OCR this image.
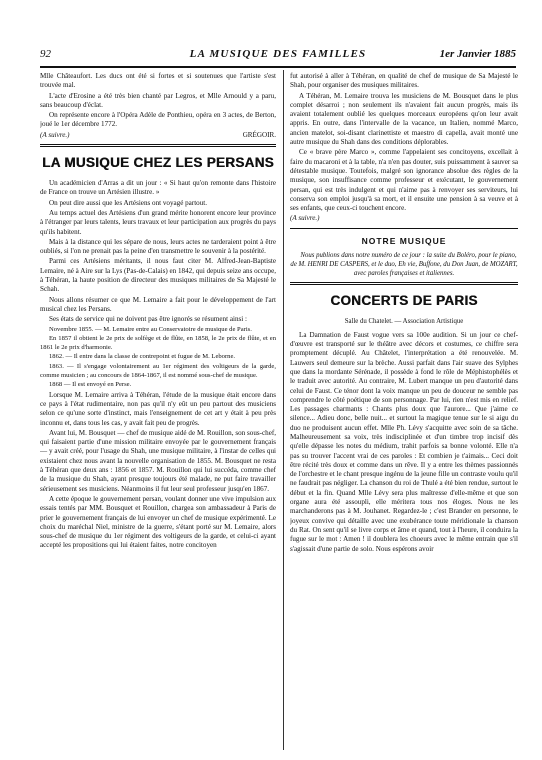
92	LA MUSIQUE DES FAMILLES	1er Janvier 1885

Mlle Châteaufort. Les ducs ont été si fortes et si soutenues que l'artiste s'est trouvée mal.

L'acte d'Erosine a été très bien chanté par Legros, et Mlle Arnould y a paru, sans beaucoup d'éclat.

On représente encore à l'Opéra Adèle de Ponthieu, opéra en 3 actes, de Berton, joué le 1er décembre 1772.

(A suivre.)	GRÉGOIR.
LA MUSIQUE CHEZ LES PERSANS

Un académicien d'Arras a dit un jour : « Si haut qu'on remonte dans l'histoire de France on trouve un Artésien illustre. »

On peut dire aussi que les Artésiens ont voyagé partout.

Au temps actuel des Artésiens d'un grand mérite honorent encore leur province à l'étranger par leurs talents, leurs travaux et leur participation aux progrès du pays qu'ils habitent.

Mais à la distance qui les sépare de nous, leurs actes ne tarderaient point à être oubliés, si l'on ne prenait pas la peine d'en transmettre le souvenir à la postérité.

Parmi ces Artésiens méritants, il nous faut citer M. Alfred-Jean-Baptiste Lemaire, né à Aire sur la Lys (Pas-de-Calais) en 1842, qui depuis seize ans occupe, à Téhéran, la haute position de directeur des musiques militaires de Sa Majesté le Schah.

Nous allons résumer ce que M. Lemaire a fait pour le développement de l'art musical chez les Persans.

Ses états de service qui ne doivent pas être ignorés se résument ainsi :

Novembre 1855. — M. Lemaire entre au Conservatoire de musique de Paris.

En 1857 il obtient le 2e prix de solfège et de flûte, en 1858, le 2e prix de flûte, et en 1861 le 2e prix d'harmonie.

1862. — Il entre dans la classe de contrepoint et fugue de M. Leborne.

1863. — Il s'engage volontairement au 1er régiment des voltigeurs de la garde, comme musicien ; au concours de 1864-1867, il est nommé sous-chef de musique.

1868 — Il est envoyé en Perse.

Lorsque M. Lemaire arriva à Téhéran, l'étude de la musique était encore dans ce pays à l'état rudimentaire, non pas qu'il n'y eût un peu partout des musiciens selon ce qu'une sorte d'instinct, mais l'enseignement de cet art y était à peu près inconnu et, dans tous les cas, y avait fait peu de progrès.

Avant lui, M. Bousquet — chef de musique aidé de M. Rouillon, son sous-chef, qui faisaient partie d'une mission militaire envoyée par le gouvernement français — y avait créé, pour l'usage du Shah, une musique militaire, à l'instar de celles qui existaient chez nous avant la nouvelle organisation de 1855. M. Bousquet ne resta à Téhéran que deux ans : 1856 et 1857. M. Rouillon qui lui succéda, comme chef de la musique du Shah, ayant presque toujours été malade, ne put faire travailler sérieusement ses musiciens. Néanmoins il fut leur seul professeur jusqu'en 1867.

A cette époque le gouvernement persan, voulant donner une vive impulsion aux essais tentés par MM. Bousquet et Rouillon, chargea son ambassadeur à Paris de prier le gouvernement français de lui envoyer un chef de musique expérimenté. Le choix du maréchal Niel, ministre de la guerre, s'étant porté sur M. Lemaire, alors sous-chef de musique du 1er régiment des voltigeurs de la garde, et celui-ci ayant accepté les propositions qui lui étaient faites, notre concitoyen

fut autorisé à aller à Téhéran, en qualité de chef de musique de Sa Majesté le Shah, pour organiser des musiques militaires.

A Téhéran, M. Lemaire trouva les musiciens de M. Bousquet dans le plus complet désarroi ; non seulement ils n'avaient fait aucun progrès, mais ils avaient totalement oublié les quelques morceaux européens qu'on leur avait appris. En outre, dans l'intervalle de la vacance, un Italien, nommé Marco, ancien matelot, soi-disant clarinettiste et maestro di capella, avait monté une autre musique du Shah dans des conditions déplorables.

Ce « brave père Marco », comme l'appelaient ses concitoyens, excellait à faire du macaroni et à la table, n'a n'en pas douter, suis puissamment à sauver sa détestable musique. Toutefois, malgré son ignorance absolue des règles de la musique, son insuffisance comme professeur et exécutant, le gouvernement persan, qui est très indulgent et qui n'aime pas à renvoyer ses serviteurs, lui conserva son emploi jusqu'à sa mort, et il ensuite une pension à sa veuve et à ses enfants, que ceux-ci touchent encore.

(A suivre.)

NOTRE MUSIQUE

Nous publions dans notre numéro de ce jour : la suite du Boléro, pour le piano, de M. HENRI DE CASPERS, et le duo, Eh vie, Buffone, du Don Juan, de MOZART, avec paroles françaises et italiennes.

CONCERTS DE PARIS
Salle du Chatelet. — Association Artistique

La Damnation de Faust vogue vers sa 100e audition. Si un jour ce chef-d'œuvre est transporté sur le théâtre avec décors et costumes, ce chiffre sera promptement décuplé. Au Châtelet, l'interprétation a été renouvelée. M. Lauwers seul demeure sur la brèche. Aussi parfait dans l'air suave des Sylphes que dans la mordante Sérénade, il possède à fond le rôle de Méphistophélès et le traduit avec autorité. Au contraire, M. Lubert manque un peu d'autorité dans celui de Faust. Ce ténor dont la voix manque un peu de douceur ne semble pas comprendre le côté poétique de son personnage. Par lui, rien n'est mis en relief. Les passages charmants : Chants plus doux que l'aurore... Que j'aime ce silence... Adieu donc, belle nuit... et surtout la magique tenue sur le si aigu du duo ne produisent aucun effet. Mlle Ph. Lévy s'acquitte avec soin de sa tâche. Malheureusement sa voix, très indisciplinée et d'un timbre trop incisif dès qu'elle dépasse les notes du médium, trahit parfois sa bonne volonté. Elle n'a pas su trouver l'accent vrai de ces paroles : Et combien je t'aimais... Ceci doit être récité très doux et comme dans un rêve. Il y a entre les thèmes passionnés de l'orchestre et le chant presque ingénu de la jeune fille un contraste voulu qu'il ne faudrait pas négliger. La chanson du roi de Thulé a été bien rendue, surtout le début et la fin. Quand Mlle Lévy sera plus maîtresse d'elle-même et que son organe aura été assoupli, elle méritera tous nos éloges. Nous ne les marchanderons pas à M. Jouhanet. Regardez-le ; c'est Brander en personne, le joyeux convive qui détaille avec une exubérance toute méridionale la chanson du Rat. On sent qu'il se livre corps et âme et quand, tout à l'heure, il conduira la fugue sur le mot : Amen ! il doublera les choeurs avec le même entrain que s'il s'agissait d'une partie de solo. Nous espérons avoir
